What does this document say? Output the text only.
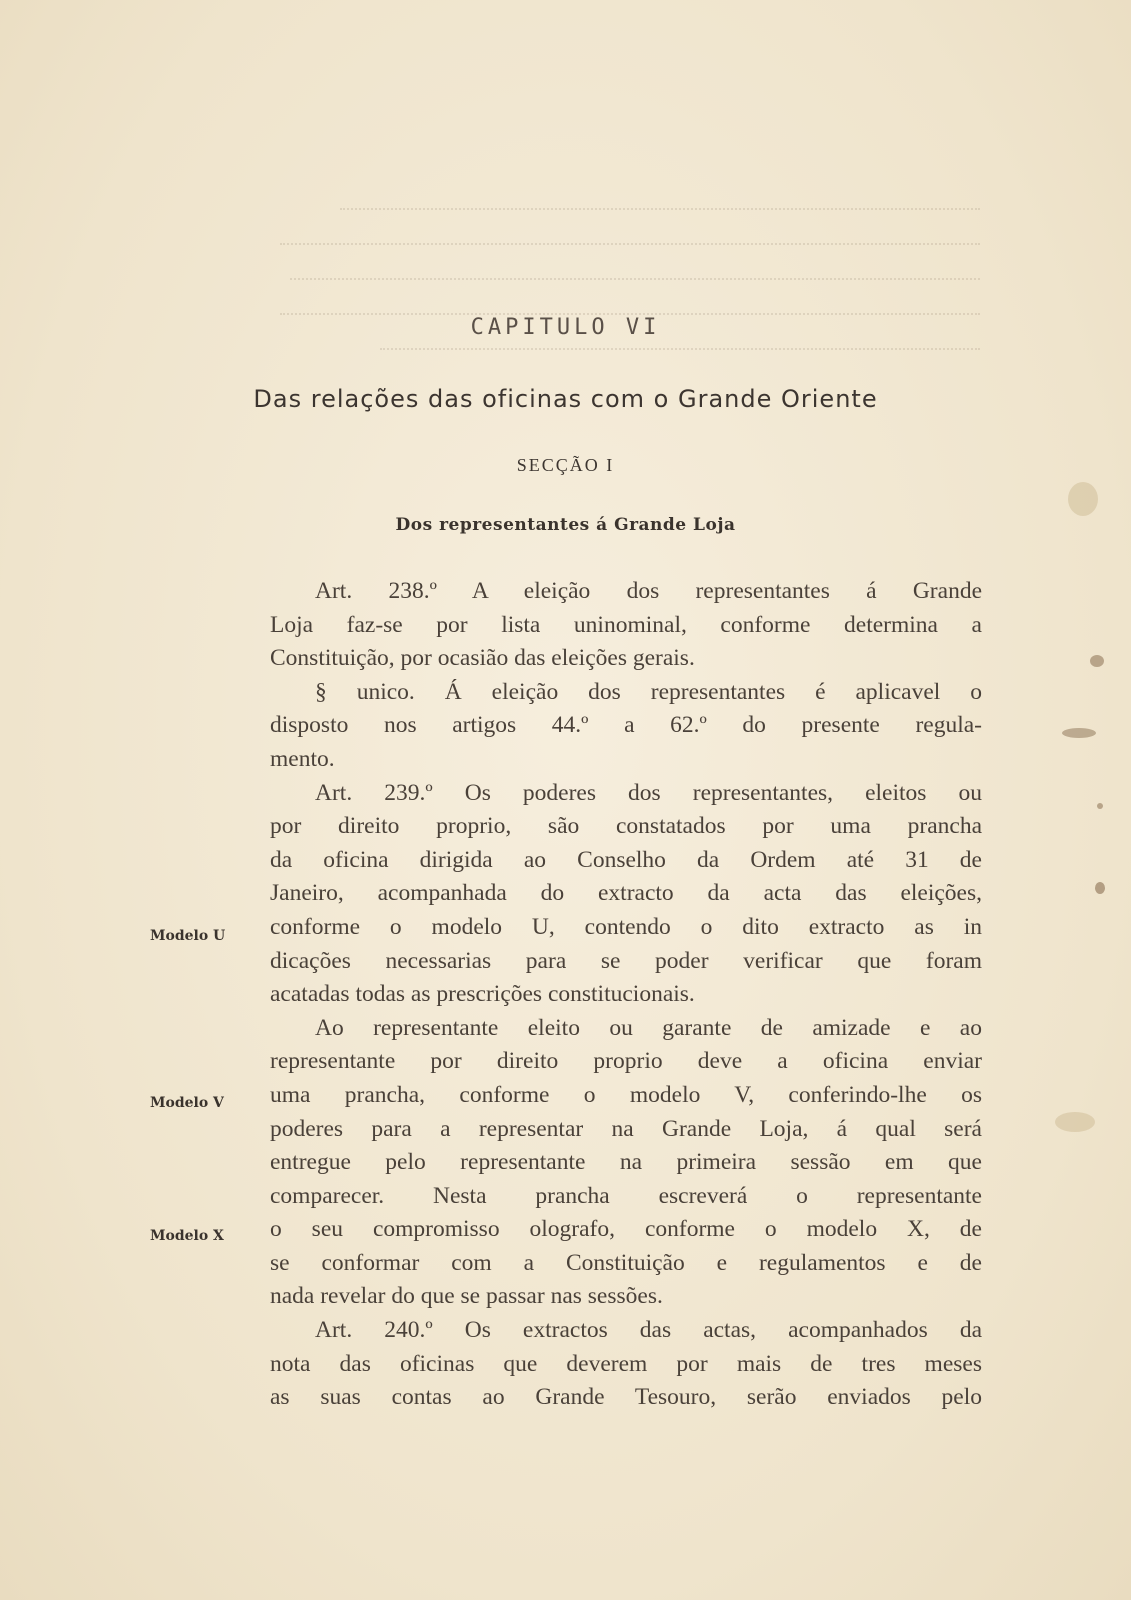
CAPITULO VI
Das relações das oficinas com o Grande Oriente
SECÇÃO I
Dos representantes á Grande Loja
Modelo U
Modelo V
Modelo X
Art. 238.º A eleição dos representantes á Grande
Loja faz-se por lista uninominal, conforme determina a
Constituição, por ocasião das eleições gerais.
§ unico. Á eleição dos representantes é aplicavel o
disposto nos artigos 44.º a 62.º do presente regula-
mento.
Art. 239.º Os poderes dos representantes, eleitos ou
por direito proprio, são constatados por uma prancha
da oficina dirigida ao Conselho da Ordem até 31 de
Janeiro, acompanhada do extracto da acta das eleições,
conforme o modelo U, contendo o dito extracto as in
dicações necessarias para se poder verificar que foram
acatadas todas as prescrições constitucionais.
Ao representante eleito ou garante de amizade e ao
representante por direito proprio deve a oficina enviar
uma prancha, conforme o modelo V, conferindo-lhe os
poderes para a representar na Grande Loja, á qual será
entregue pelo representante na primeira sessão em que
comparecer. Nesta prancha escreverá o representante
o seu compromisso olografo, conforme o modelo X, de
se conformar com a Constituição e regulamentos e de
nada revelar do que se passar nas sessões.
Art. 240.º Os extractos das actas, acompanhados da
nota das oficinas que deverem por mais de tres meses
as suas contas ao Grande Tesouro, serão enviados pelo
